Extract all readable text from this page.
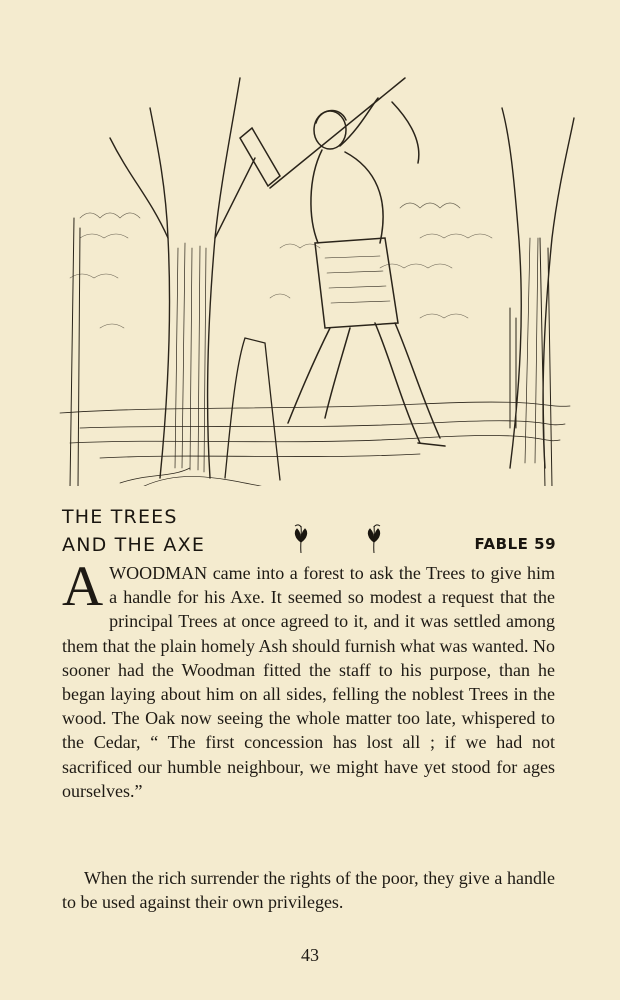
THE TREES
AND THE AXE	FABLE 59
A WOODMAN came into a forest to ask the Trees to give him a handle for his Axe. It seemed so modest a request that the principal Trees at once agreed to it, and it was settled among them that the plain homely Ash should furnish what was wanted. No sooner had the Woodman fitted the staff to his purpose, than he began laying about him on all sides, felling the noblest Trees in the wood. The Oak now seeing the whole matter too late, whispered to the Cedar, “ The first concession has lost all ; if we had not sacrificed our humble neighbour, we might have yet stood for ages ourselves.”
When the rich surrender the rights of the poor, they give a handle to be used against their own privileges.
43
